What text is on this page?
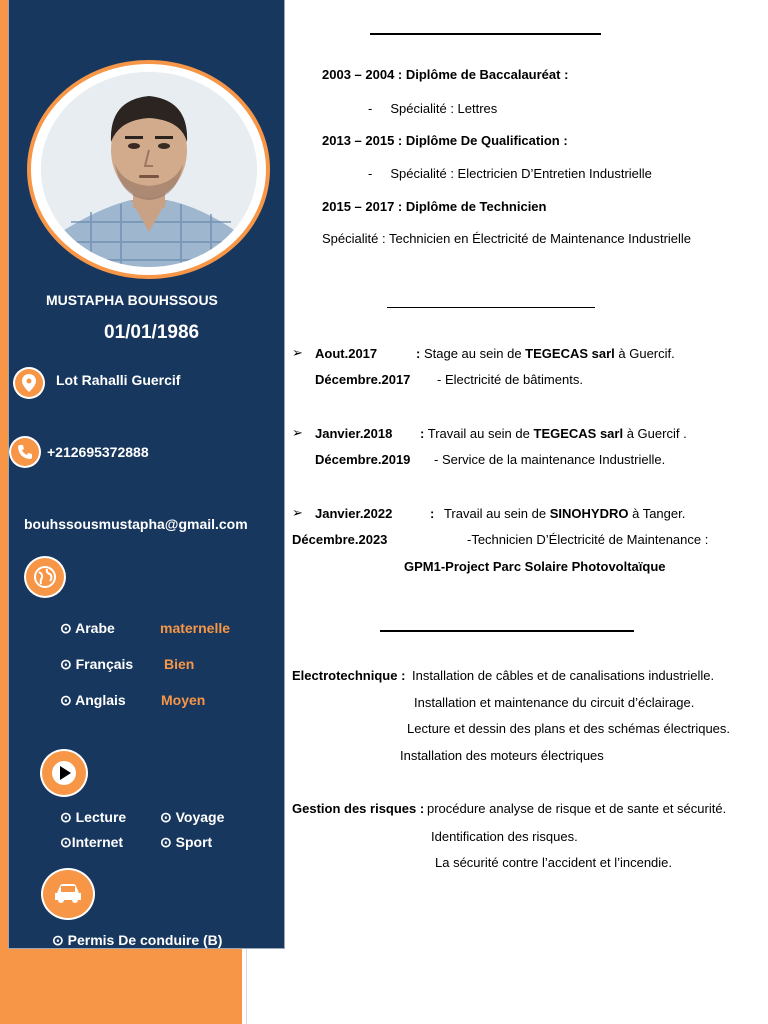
MUSTAPHA BOUHSSOUS
01/01/1986
Lot Rahalli Guercif
+212695372888
bouhssousmustapha@gmail.com
⊙ Arabe	maternelle
⊙ Français Bien
⊙ Anglais	Moyen
⊙ Lecture ⊙ Voyage
⊙Internet	⊙ Sport
⊙ Permis De conduire (B)
2003 – 2004 : Diplôme de Baccalauréat :
- Spécialité : Lettres
2013 – 2015 : Diplôme De Qualification :
- Spécialité : Electricien D’Entretien Industrielle
2015 – 2017 : Diplôme de Technicien
Spécialité : Technicien en Électricité de Maintenance Industrielle
➢ Aout.2017	: Stage au sein de TEGECAS sarl à Guercif.
Décembre.2017 - Electricité de bâtiments.
➢ Janvier.2018 : Travail au sein de TEGECAS sarl à Guercif .
Décembre.2019 - Service de la maintenance Industrielle.
➢ Janvier.2022	: Travail au sein de SINOHYDRO à Tanger.
Décembre.2023	-Technicien D’Électricité de Maintenance :
GPM1-Project Parc Solaire Photovoltaïque
Electrotechnique : Installation de câbles et de canalisations industrielle.
Installation et maintenance du circuit d’éclairage.
Lecture et dessin des plans et des schémas électriques.
Installation des moteurs électriques
Gestion des risques : procédure analyse de risque et de sante et sécurité.
Identification des risques.
La sécurité contre l’accident et l’incendie.
